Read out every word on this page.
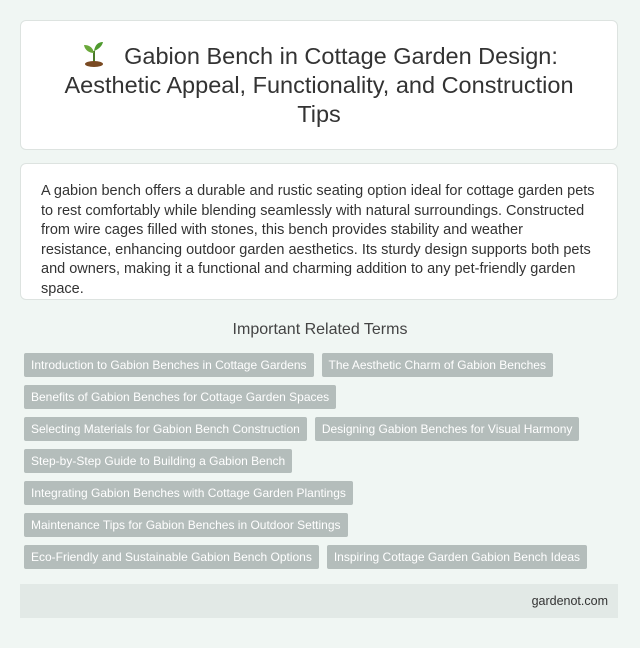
Gabion Bench in Cottage Garden Design: Aesthetic Appeal, Functionality, and Construction Tips

A gabion bench offers a durable and rustic seating option ideal for cottage garden pets to rest comfortably while blending seamlessly with natural surroundings. Constructed from wire cages filled with stones, this bench provides stability and weather resistance, enhancing outdoor garden aesthetics. Its sturdy design supports both pets and owners, making it a functional and charming addition to any pet-friendly garden space.

Important Related Terms
Introduction to Gabion Benches in Cottage Gardens	The Aesthetic Charm of Gabion Benches
Benefits of Gabion Benches for Cottage Garden Spaces
Selecting Materials for Gabion Bench Construction	Designing Gabion Benches for Visual Harmony
Step-by-Step Guide to Building a Gabion Bench
Integrating Gabion Benches with Cottage Garden Plantings
Maintenance Tips for Gabion Benches in Outdoor Settings
Eco-Friendly and Sustainable Gabion Bench Options	Inspiring Cottage Garden Gabion Bench Ideas
gardenot.com
